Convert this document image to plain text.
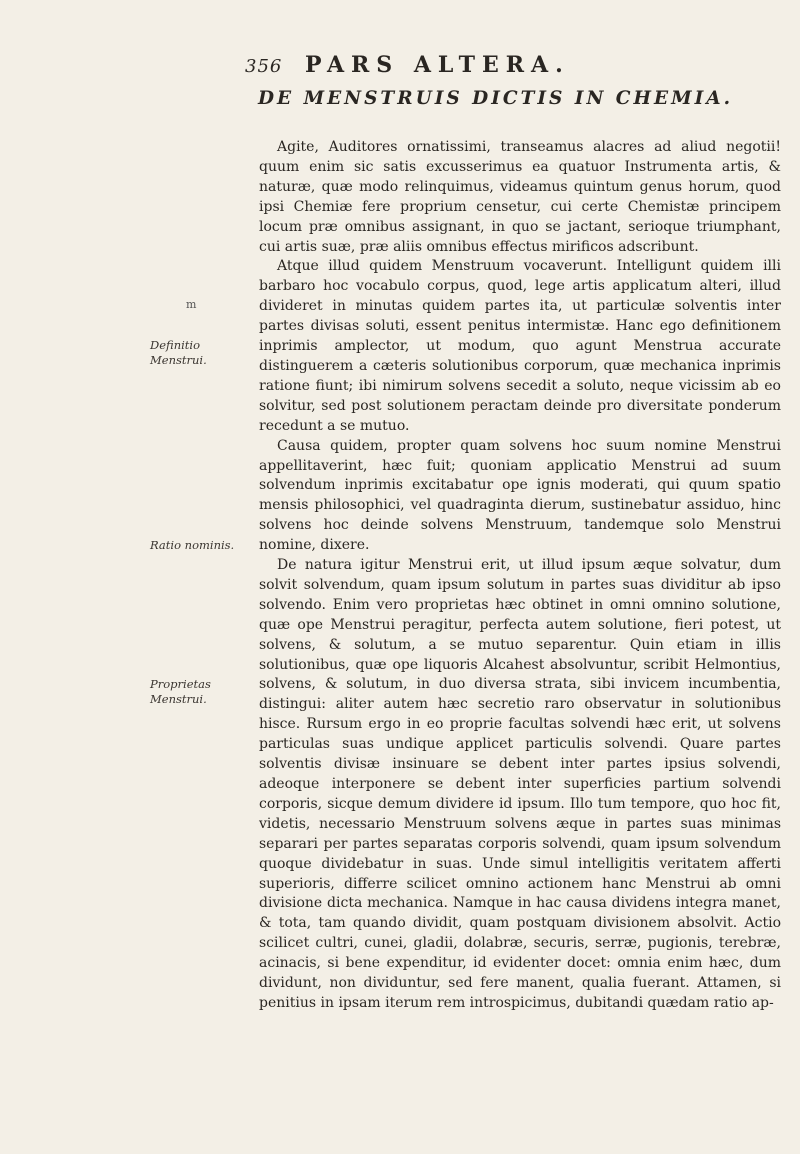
356 PARS ALTERA.
DE MENSTRUIS DICTIS IN CHEMIA.
m
Definitio Menstrui.
Ratio nominis.
Proprietas Menstrui.

Agite, Auditores ornatissimi, transeamus alacres ad aliud negotii! quum enim sic satis excusserimus ea quatuor Instrumenta artis, & naturæ, quæ modo relinquimus, videamus quintum genus horum, quod ipsi Chemiæ fere proprium censetur, cui certe Chemistæ principem locum præ omnibus assignant, in quo se jactant, serioque triumphant, cui artis suæ, præ aliis omnibus effectus mirificos adscribunt.

Atque illud quidem Menstruum vocaverunt. Intelligunt quidem illi barbaro hoc vocabulo corpus, quod, lege artis applicatum alteri, illud divideret in minutas quidem partes ita, ut particulæ solventis inter partes divisas soluti, essent penitus intermistæ. Hanc ego definitionem inprimis amplector, ut modum, quo agunt Menstrua accurate distinguerem a cæteris solutionibus corporum, quæ mechanica inprimis ratione fiunt; ibi nimirum solvens secedit a soluto, neque vicissim ab eo solvitur, sed post solutionem peractam deinde pro diversitate ponderum recedunt a se mutuo.

Causa quidem, propter quam solvens hoc suum nomine Menstrui appellitaverint, hæc fuit; quoniam applicatio Menstrui ad suum solvendum inprimis excitabatur ope ignis moderati, qui quum spatio mensis philosophici, vel quadraginta dierum, sustinebatur assiduo, hinc solvens hoc deinde solvens Menstruum, tandemque solo Menstrui nomine, dixere.

De natura igitur Menstrui erit, ut illud ipsum æque solvatur, dum solvit solvendum, quam ipsum solutum in partes suas dividitur ab ipso solvendo. Enim vero proprietas hæc obtinet in omni omnino solutione, quæ ope Menstrui peragitur, perfecta autem solutione, fieri potest, ut solvens, & solutum, a se mutuo separentur. Quin etiam in illis solutionibus, quæ ope liquoris Alcahest absolvuntur, scribit Helmontius, solvens, & solutum, in duo diversa strata, sibi invicem incumbentia, distingui: aliter autem hæc secretio raro observatur in solutionibus hisce. Rursum ergo in eo proprie facultas solvendi hæc erit, ut solvens particulas suas undique applicet particulis solvendi. Quare partes solventis divisæ insinuare se debent inter partes ipsius solvendi, adeoque interponere se debent inter superficies partium solvendi corporis, sicque demum dividere id ipsum. Illo tum tempore, quo hoc fit, videtis, necessario Menstruum solvens æque in partes suas minimas separari per partes separatas corporis solvendi, quam ipsum solvendum quoque dividebatur in suas. Unde simul intelligitis veritatem afferti superioris, differre scilicet omnino actionem hanc Menstrui ab omni divisione dicta mechanica. Namque in hac causa dividens integra manet, & tota, tam quando dividit, quam postquam divisionem absolvit. Actio scilicet cultri, cunei, gladii, dolabræ, securis, serræ, pugionis, terebræ, acinacis, si bene expenditur, id evidenter docet: omnia enim hæc, dum dividunt, non dividuntur, sed fere manent, qualia fuerant. Attamen, si penitius in ipsam iterum rem introspicimus, dubitandi quædam ratio ap-
